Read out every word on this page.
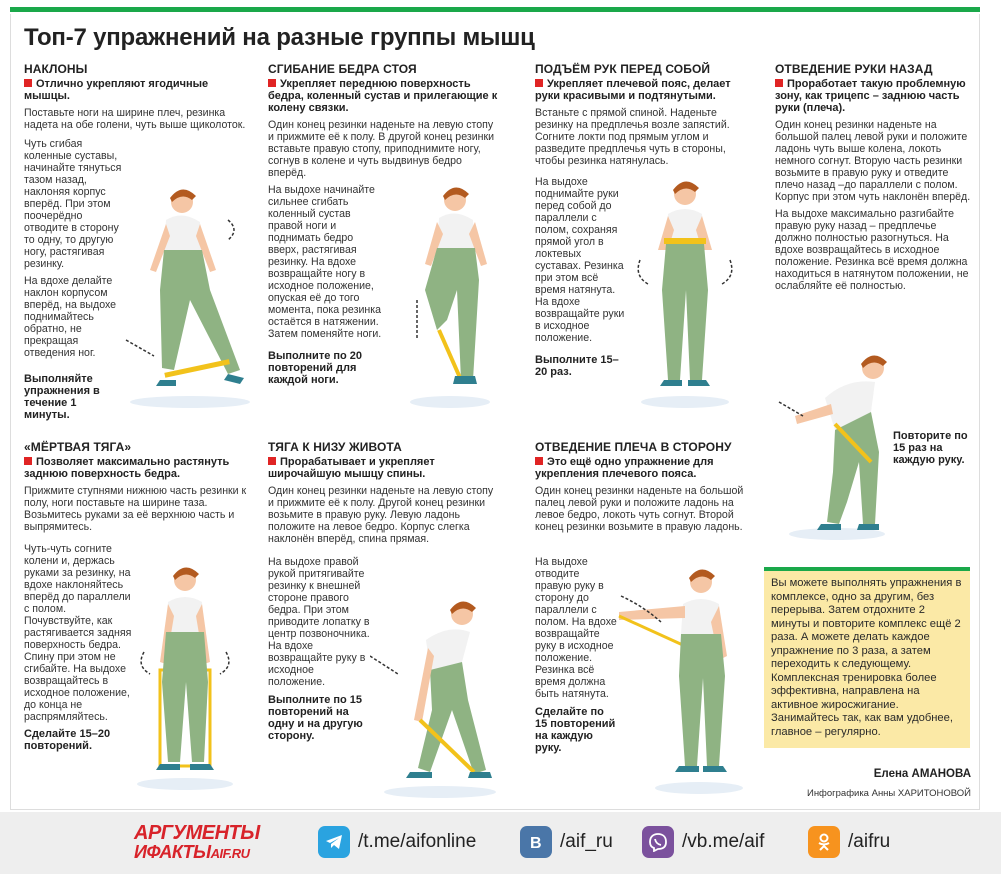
Топ-7 упражнений на разные группы мышц
НАКЛОНЫ
Отлично укрепляют ягодичные мышцы.
Поставьте ноги на ширине плеч, резинка надета на обе голени, чуть выше щиколоток.
Чуть сгибая коленные суставы, начинайте тянуться тазом назад, наклоняя корпус вперёд. При этом поочерёдно отводите в сторону то одну, то другую ногу, растягивая резинку.
На вдохе делайте наклон корпусом вперёд, на выдохе поднимайтесь обратно, не прекращая отведения ног.
Выполняйте упражнения в течение 1 минуты.
СГИБАНИЕ БЕДРА СТОЯ
Укрепляет переднюю поверхность бедра, коленный сустав и прилегающие к колену связки.
Один конец резинки наденьте на левую стопу и прижмите её к полу. В другой конец резинки вставьте правую стопу, приподнимите ногу, согнув в колене и чуть выдвинув бедро вперёд.
На выдохе начинайте сильнее сгибать коленный сустав правой ноги и поднимать бедро вверх, растягивая резинку. На вдохе возвращайте ногу в исходное положение, опуская её до того момента, пока резинка остаётся в натяжении. Затем поменяйте ноги.
Выполните по 20 повторений для каждой ноги.
ПОДЪЁМ РУК ПЕРЕД СОБОЙ
Укрепляет плечевой пояс, делает руки красивыми и подтянутыми.
Встаньте с прямой спиной. Наденьте резинку на предплечья возле запястий. Согните локти под прямым углом и разведите предплечья чуть в стороны, чтобы резинка натянулась.
На выдохе поднимайте руки перед собой до параллели с полом, сохраняя прямой угол в локтевых суставах. Резинка при этом всё время натянута. На вдохе возвращайте руки в исходное положение.
Выполните 15–20 раз.
ОТВЕДЕНИЕ РУКИ НАЗАД
Проработает такую проблемную зону, как трицепс – заднюю часть руки (плеча).
Один конец резинки наденьте на большой палец левой руки и положите ладонь чуть выше колена, локоть немного согнут. Вторую часть резинки возьмите в правую руку и отведите плечо назад –до параллели с полом. Корпус при этом чуть наклонён вперёд.
На выдохе максимально разгибайте правую руку назад – предплечье должно полностью разогнуться. На вдохе возвращайтесь в исходное положение. Резинка всё время должна находиться в натянутом положении, не ослабляйте её полностью.
Повторите по 15 раз на каждую руку.
«МЁРТВАЯ ТЯГА»
Позволяет максимально растянуть заднюю поверхность бедра.
Прижмите ступнями нижнюю часть резинки к полу, ноги поставьте на ширине таза. Возьмитесь руками за её верхнюю часть и выпрямитесь.
Чуть-чуть согните колени и, держась руками за резинку, на вдохе наклоняйтесь вперёд до параллели с полом. Почувствуйте, как растягивается задняя поверхность бедра. Спину при этом не сгибайте. На выдохе возвращайтесь в исходное положение, до конца не распрямляйтесь.
Сделайте 15–20 повторений.
ТЯГА К НИЗУ ЖИВОТА
Прорабатывает и укрепляет широчайшую мышцу спины.
Один конец резинки наденьте на левую стопу и прижмите её к полу. Другой конец резинки возьмите в правую руку. Левую ладонь положите на левое бедро. Корпус слегка наклонён вперёд, спина прямая.
На выдохе правой рукой притягивайте резинку к внешней стороне правого бедра. При этом приводите лопатку в центр позвоночника. На вдохе возвращайте руку в исходное положение.
Выполните по 15 повторений на одну и на другую сторону.
ОТВЕДЕНИЕ ПЛЕЧА В СТОРОНУ
Это ещё одно упражнение для укрепления плечевого пояса.
Один конец резинки наденьте на большой палец левой руки и положите ладонь на левое бедро, локоть чуть согнут. Второй конец резинки возьмите в правую ладонь.
На выдохе отводите правую руку в сторону до параллели с полом. На вдохе возвращайте руку в исходное положение. Резинка всё время должна быть натянута.
Сделайте по 15 повторений на каждую руку.
Вы можете выполнять упражнения в комплексе, одно за другим, без перерыва. Затем отдохните 2 минуты и повторите комплекс ещё 2 раза. А можете делать каждое упражнение по 3 раза, а затем переходить к следующему. Комплексная тренировка более эффективна, направлена на активное жиросжигание. Занимайтесь так, как вам удобнее, главное – регулярно.
Елена АМАНОВА
Инфографика Анны ХАРИТОНОВОЙ
АРГУМЕНТЫ
ИФАКТЫAIF.RU
/t.me/aifonline	В /aif_ru	/vb.me/aif	/aifru
